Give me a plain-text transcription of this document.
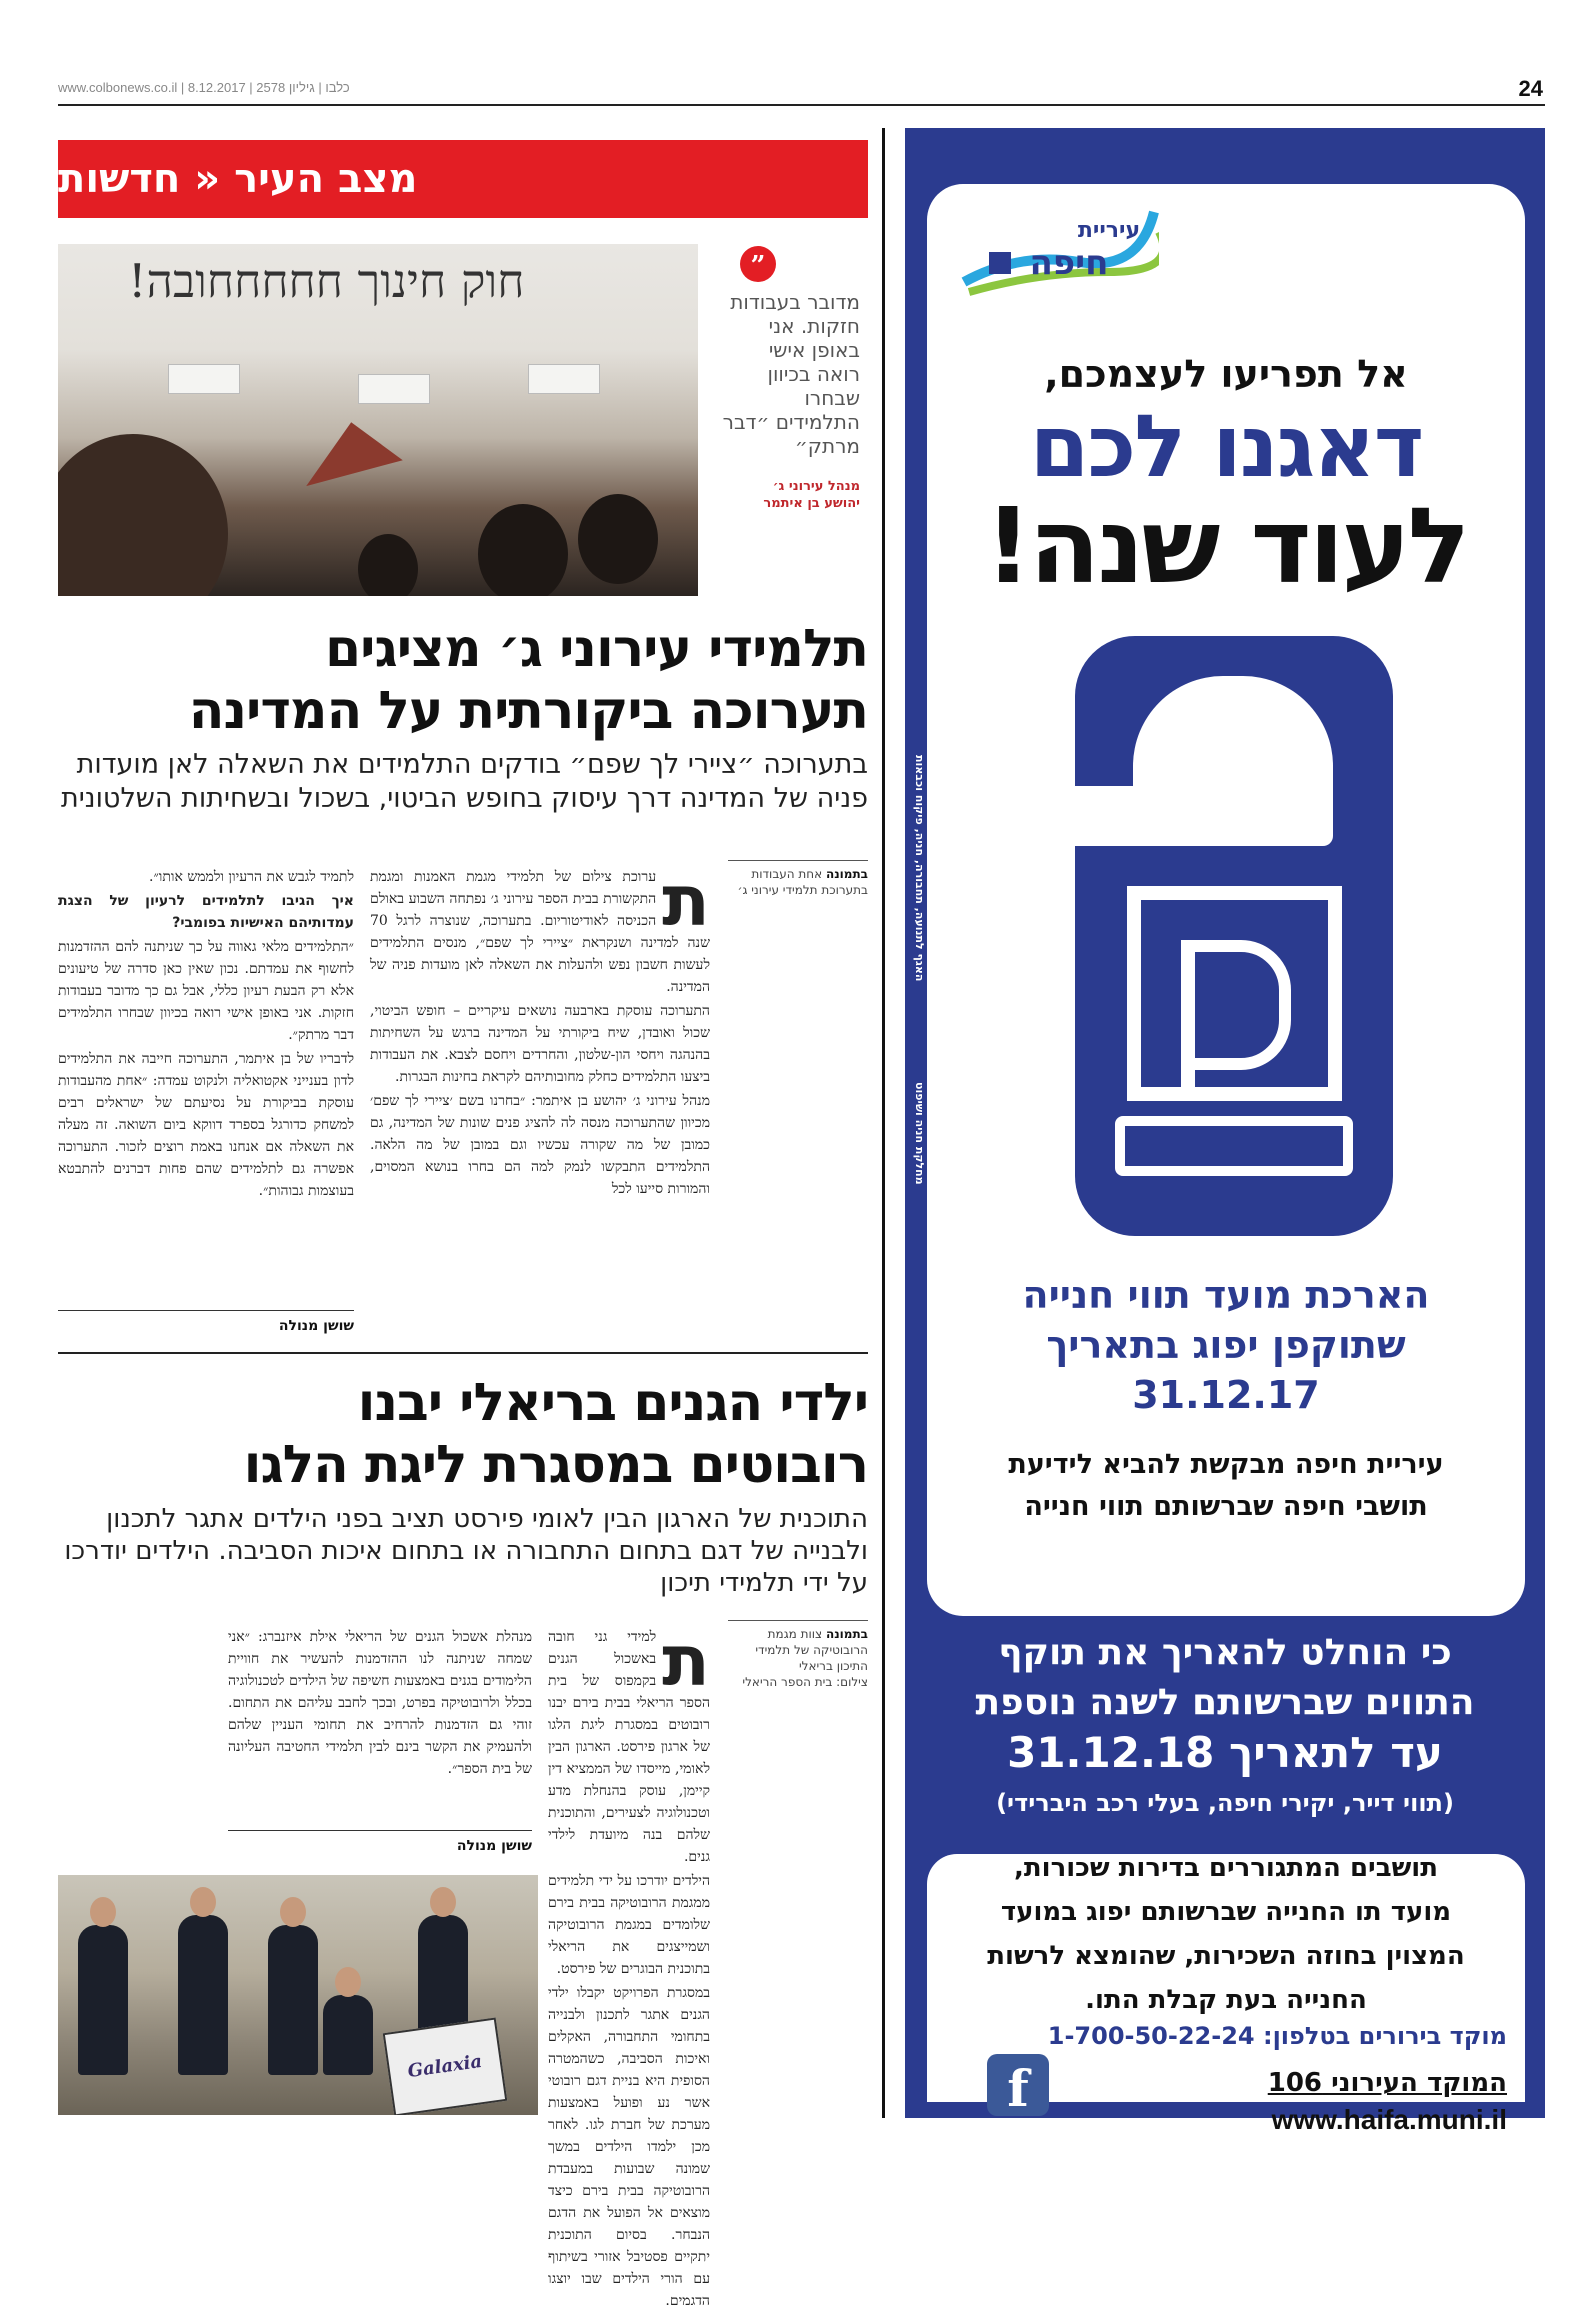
www.colbonews.co.il | כלבו | גיליון 2578 | 8.12.2017	24
מצב העיר « חדשות
חוק חינוך חחחחחובה!	”
מדובר בעבודות חזקות. אני באופן אישי רואה בכיוון שבחרו התלמידים ״דבר מרתק״
מנהל עירוני ג׳
יהושע בן איתמר
תלמידי עירוני ג׳ מציגים
תערוכה ביקורתית על המדינה
בתערוכה ״ציירי לך שפם״ בודקים התלמידים את השאלה לאן מועדות פניה של המדינה דרך עיסוק בחופש הביטוי, בשכול ובשחיתות השלטונית
בתמונה אחת העבודות בתערוכת תלמידי עירוני ג׳
ת

ערוכת צילום של תלמידי מגמת האמנות ומגמת התקשורת בבית הספר עירוני ג׳ נפתחה השבוע באולם הכניסה לאודיטוריום. בתערוכה, שנוצרה לרגל 70 שנה למדינה ושנקראת ״ציירי לך שפם״, מנסים התלמידים לעשות חשבון נפש ולהעלות את השאלה לאן מועדות פניה של המדינה.

התערוכה עוסקת בארבעה נושאים עיקריים – חופש הביטוי, שכול ואובדן, שיח ביקורתי על המדינה ברגש על השחיתות בהנהגה ויחסי הון-שלטון, והחרדים ויחסם לצבא. את העבודות ביצעו התלמידים כחלק מחובותיהם לקראת בחינות הבגרות.

מנהל עירוני ג׳ יהושע בן איתמר: ״בחרנו בשם ׳ציירי לך שפם׳ מכיוון שהתערוכה מנסה לה להציג פנים שונות של המדינה, גם כמובן של מה שקורה עכשיו וגם במובן של מה הלאה. התלמידים התבקשו לנמק למה הם בחרו בנושא המסוים, והמורות סייעו לכל

לתמיד לגבש את הרעיון ולממש אותו״.

איך הגיבו לתלמידים לרעיון של הצגת עמדותיהם האישיות בפומבי?

״התלמידים מלאי גאווה על כך שניתנה להם ההזדמנות לחשוף את עמדתם. נכון שאין כאן סדרה של טיעונים אלא רק הבעת רעיון כללי, אבל גם כך מדובר בעבודות חזקות. אני באופן אישי רואה בכיוון שבחרו התלמידים דבר מרתק״.

לדבריו של בן איתמר, התערוכה חייבה את התלמידים לדון בענייני אקטואליה ולנקוט עמדה: ״אחת מהעבודות עוסקת בביקורת על נסיעתם של ישראלים רבים למשחק כדורגל בספרד דווקא ביום השואה. זה מעלה את השאלה אם אנחנו באמת רוצים לזכור. התערוכה אפשרה גם לתלמידים שהם פחות דברנים להתבטא בעוצמות גבוהות״.

שושן מנולה
ילדי הגנים בריאלי יבנו
רובוטים במסגרת ליגת הלגו
התוכנית של הארגון הבין לאומי פירסט תציב בפני הילדים אתגר לתכנון ולבנייה של דגם בתחום התחבורה או בתחום איכות הסביבה. הילדים יודרכו על ידי תלמידי תיכון
בתמונה צוות מגמת הרובוטיקה של תלמידי התיכון בריאלי
צילום: בית הספר הריאלי
ת

למידי גני חובה באשכול הגנים בקמפוס של בית הספר הריאלי בבית בירם יבנו רובוטים במסגרת ליגת הלגו של ארגון פירסט. הארגון הבין לאומי, מייסדו של הממציא דין קיימן, עוסק בהנחלת מדע וטכנולוגיה לצעירים, והתוכנית שלהם בנה מיועדת לילדי גנים.

הילדים יודרכו על ידי תלמידים ממגמת הרובוטיקה בבית בירם שלומדים במגמת הרובוטיקה ושמייצגים את הריאלי בתוכנית הבוגרים של פירסט.

במסגרת הפרויקט יקבלו ילדי הגנים אתגר לתכנון ולבנייה בתחומי התחבורה, האקלים ואיכות הסביבה, כשהמטרה הסופית היא בניית דגם רובוטי אשר נע ופועל באמצעות מערכת של חברת לגו. לאחר מכן ילמדו הילדים במשך שמונה שבועות במעבדת הרובוטיקה בבית בירם כיצד מוצאים אל הפועל את הדגם הנבחר. בסיום התוכנית יתקיים פסטיבל אזורי בשיתוף עם הורי הילדים שבו יוצגו הדגמים.

מנהלת אשכול הגנים של הריאלי אילת איזנברג: ״אני שמחה שניתנה לנו ההזדמנות להעשיר את חוויית הלימודים בגנים באמצעות חשיפה של הילדים לטכנולוגיה בכלל ולרובוטיקה בפרט, ובכך לחבב עליהם את התחום. זוהי גם הזדמנות להרחיב את תחומי העניין שלהם ולהעמיק את הקשר בינם לבין תלמידי החטיבה העליונה של בית הספר״.

שושן מנולה
Galaxia
האגף לתנועה, תחבורה, חניה, פיקוח וכבאות
מחלקת חניה ושיפוט
עיריית
חיפה
אל תפריעו לעצמכם,
דאגנו לכם
לעוד שנה!
הארכת מועד תווי חנייה
שתוקפן יפוג בתאריך
31.12.17
עיריית חיפה מבקשת להביא לידיעת
תושבי חיפה שברשותם תווי חנייה
כי הוחלט להאריך את תוקף
התווים שברשותם לשנה נוספת
עד לתאריך 31.12.18
(תווי דייר, יקירי חיפה, בעלי רכב היברידי)
תושבים המתגוררים בדירות שכורות,
מועד תו החנייה שברשותם יפוג במועד
המצוין בחוזה השכירות, שהומצא לרשות
החנייה בעת קבלת התו.
מוקד בירורים בטלפון: 1-700-50-22-24
f	המוקד העירוני 106
www.haifa.muni.il
